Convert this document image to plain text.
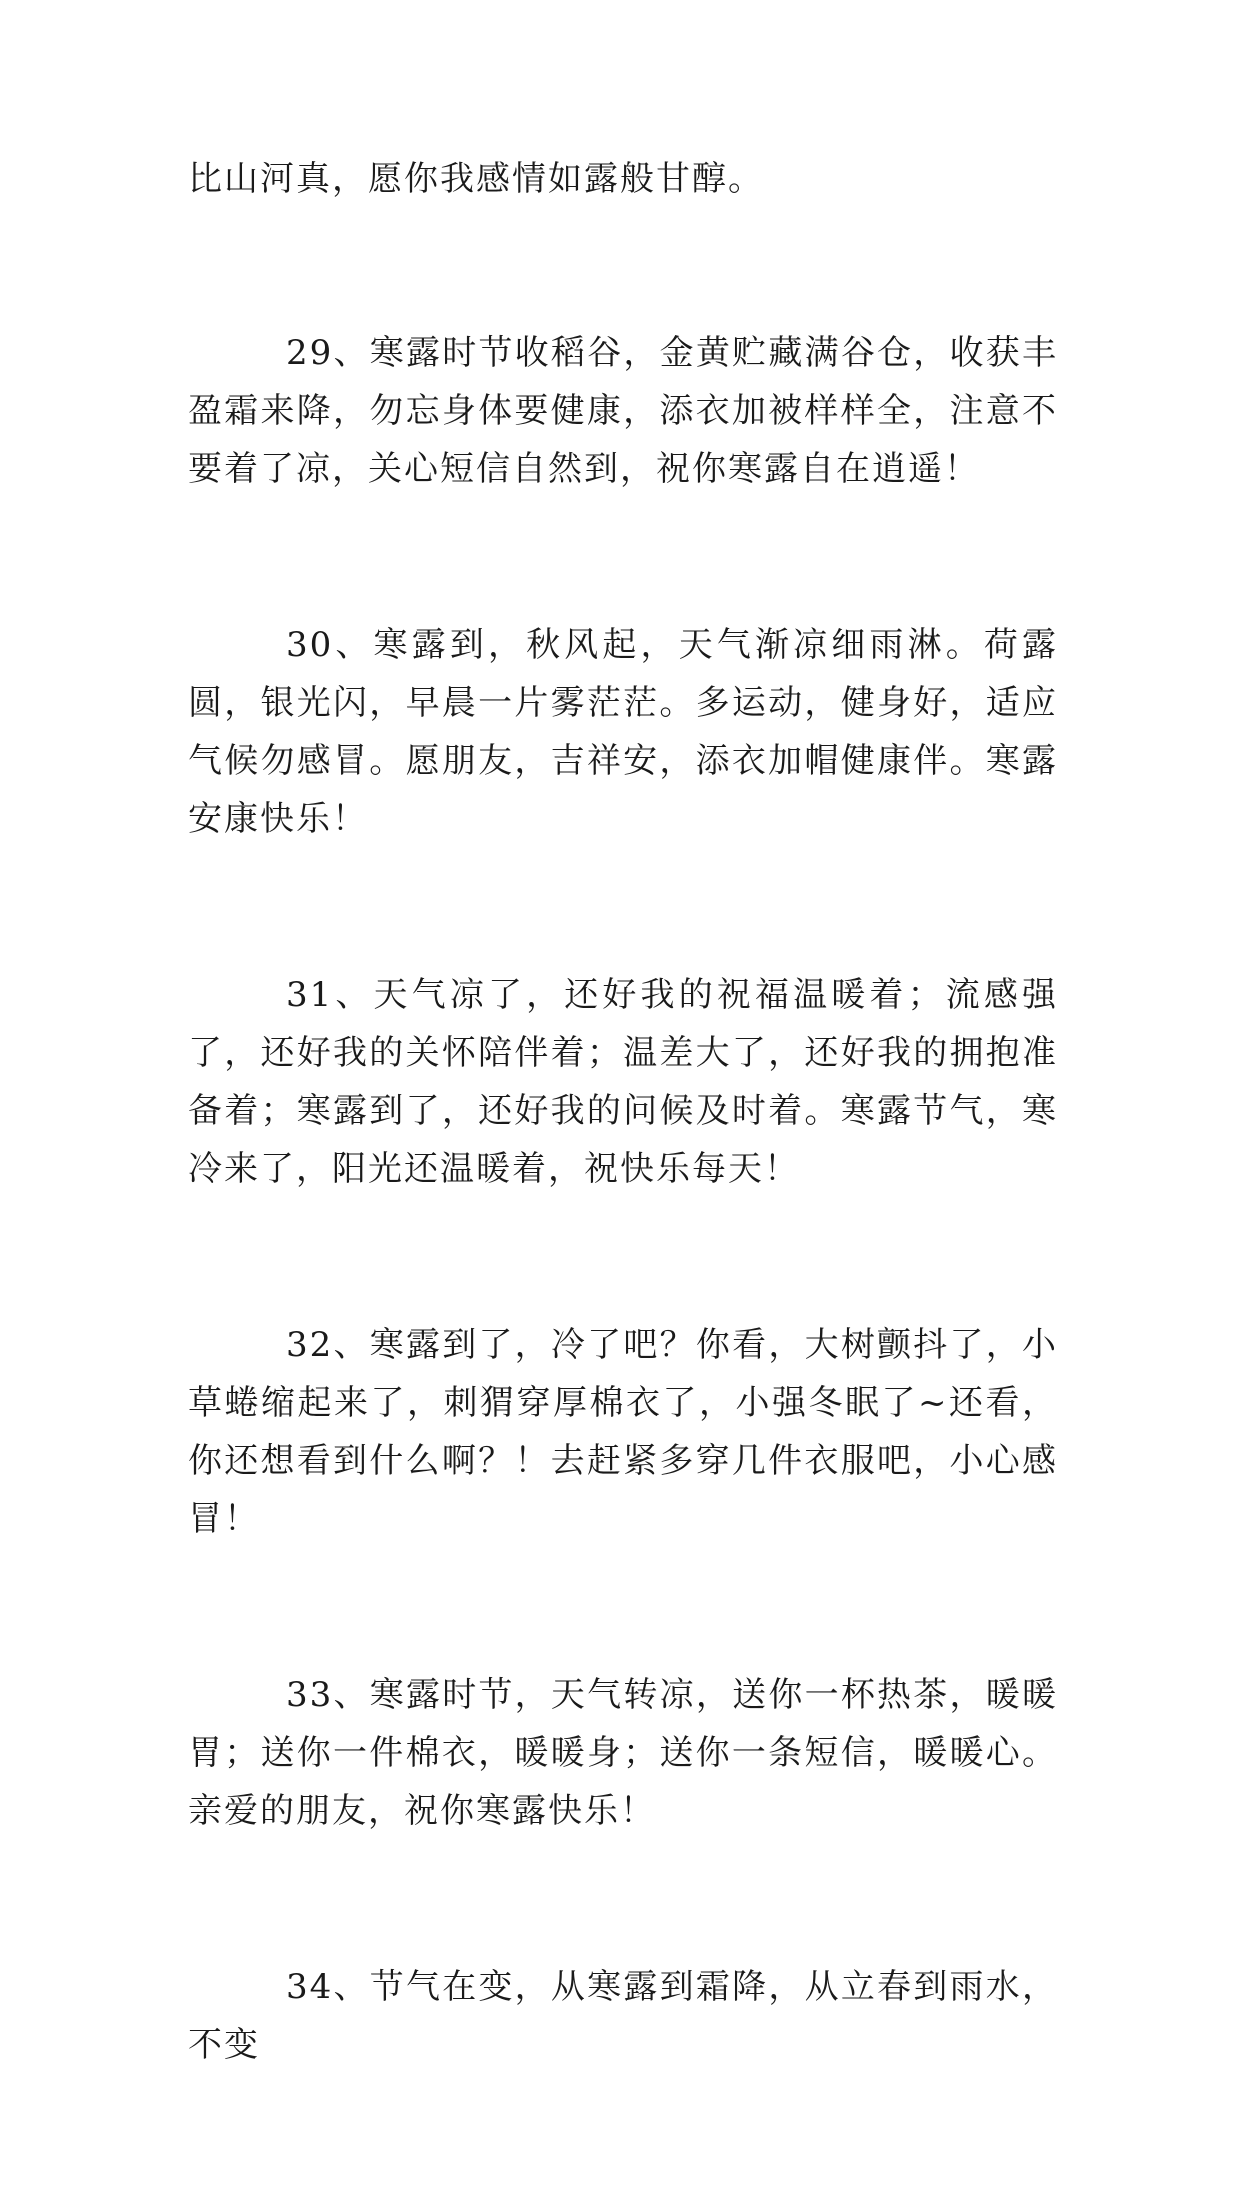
比山河真，愿你我感情如露般甘醇。

29、寒露时节收稻谷，金黄贮藏满谷仓，收获丰盈霜来降，勿忘身体要健康，添衣加被样样全，注意不要着了凉，关心短信自然到，祝你寒露自在逍遥！

30、寒露到，秋风起，天气渐凉细雨淋。荷露圆，银光闪，早晨一片雾茫茫。多运动，健身好，适应气候勿感冒。愿朋友，吉祥安，添衣加帽健康伴。寒露安康快乐！

31、天气凉了，还好我的祝福温暖着；流感强了，还好我的关怀陪伴着；温差大了，还好我的拥抱准备着；寒露到了，还好我的问候及时着。寒露节气，寒冷来了，阳光还温暖着，祝快乐每天！

32、寒露到了，冷了吧？你看，大树颤抖了，小草蜷缩起来了，刺猬穿厚棉衣了，小强冬眠了~还看，你还想看到什么啊？！去赶紧多穿几件衣服吧，小心感冒！

33、寒露时节，天气转凉，送你一杯热茶，暖暖胃；送你一件棉衣，暖暖身；送你一条短信，暖暖心。亲爱的朋友，祝你寒露快乐！

34、节气在变，从寒露到霜降，从立春到雨水，不变
